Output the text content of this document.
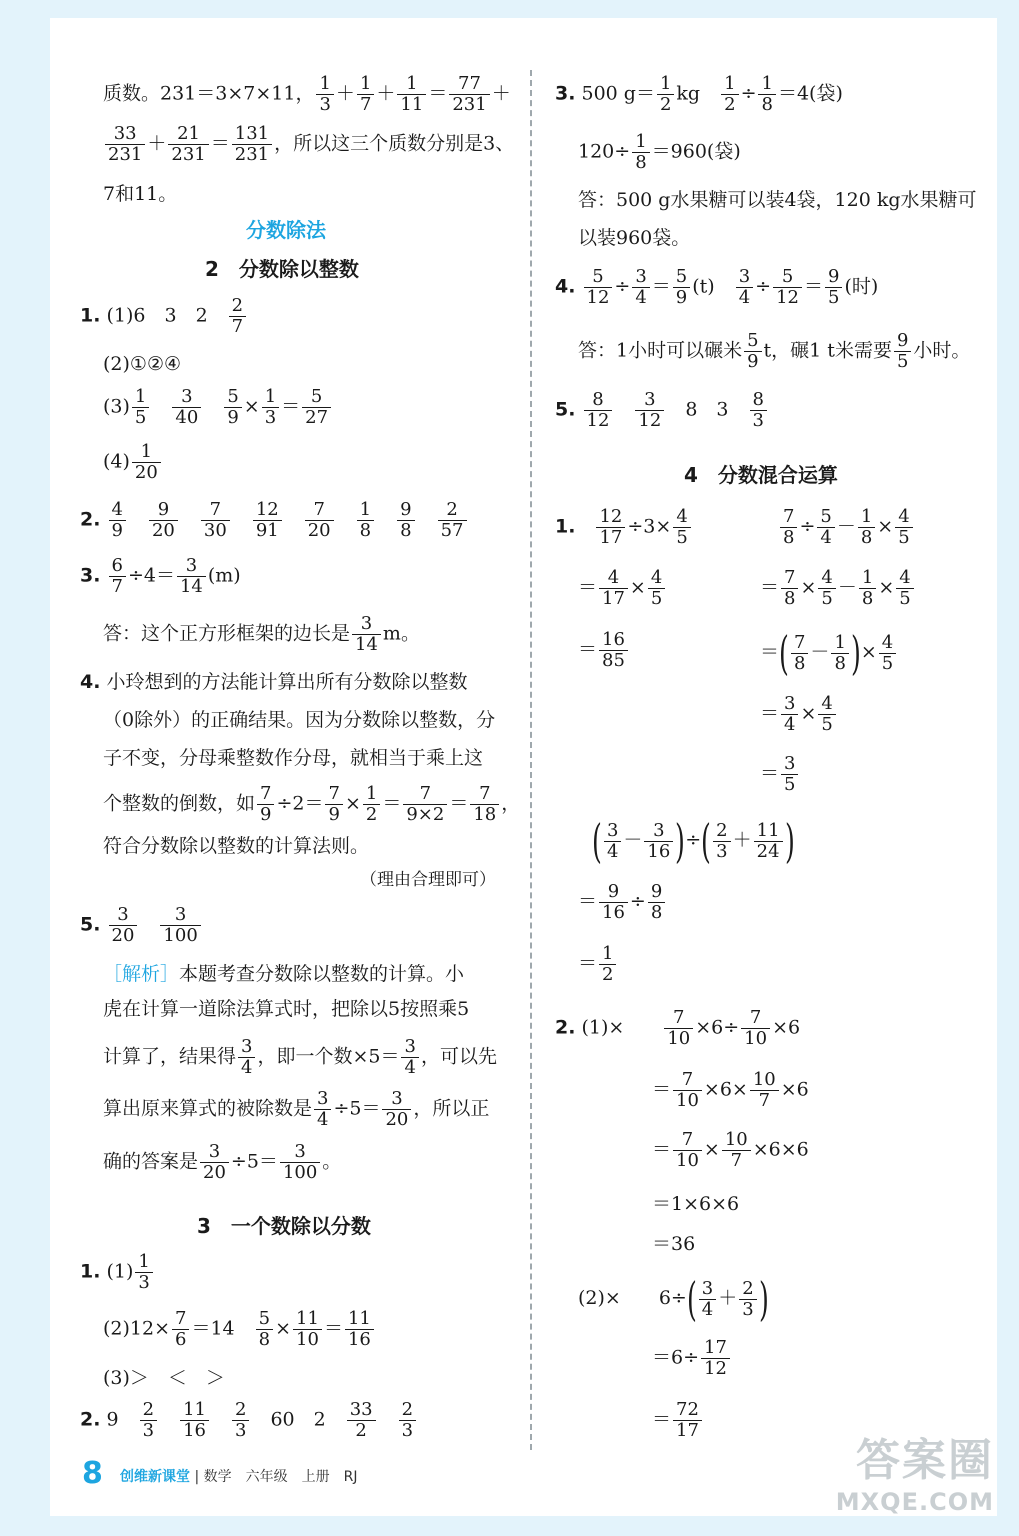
质数。231＝3×7×11， $\frac{1}{3} + \frac{1}{7} + \frac{1}{11} = \frac{77}{231}$ ＋
$\frac{33}{231} + \frac{21}{231} = \frac{131}{231}$ ，所以这三个质数分别是3、
7和11。
分数除法
2　分数除以整数
1. (1)6　3　2　 $\frac{2}{7}$
(2)①②④
$(3) \frac{1}{5}$
　 $\frac{3}{40}$
　 $\frac{5}{9} \times \frac{1}{3} = \frac{5}{27}$
$(4) \frac{1}{20}$
2. $\frac{4}{9}$
　 $\frac{9}{20}$
　 $\frac{7}{30}$
　 $\frac{12}{91}$
　 $\frac{7}{20}$
　 $\frac{1}{8}$
　 $\frac{9}{8}$
　 $\frac{2}{57}$
3. $\frac{6}{7} \div 4= \frac{3}{14} (m)$
答：这个正方形框架的边长是 $\frac{3}{14}$ m。
4. 小玲想到的方法能计算出所有分数除以整数
（0除外）的正确结果。因为分数除以整数，分
子不变，分母乘整数作分母，就相当于乘上这
个整数的倒数，如 $\frac{7}{9} \div 2= \frac{7}{9} \times \frac{1}{2} = \frac{7}{9\times 2} = \frac{7}{18}$ ，
符合分数除以整数的计算法则。
（理由合理即可）
5. $\frac{3}{20}$
　 $\frac{3}{100}$
［解析］本题考查分数除以整数的计算。小
虎在计算一道除法算式时，把除以5按照乘5
计算了，结果得 $\frac{3}{4}$ ，即一个数$\times 5= \frac{3}{4}$ ，可以先
算出原来算式的被除数是 $\frac{3}{4} \div 5= \frac{3}{20}$ ，所以正
确的答案是 $\frac{3}{20} \div 5= \frac{3}{100}$ 。
3　一个数除以分数
1. $(1) \frac{1}{3}$
$(2)12\times \frac{7}{6} =14$　 $\frac{5}{8} \times \frac{11}{10} = \frac{11}{16}$
(3)＞　＜　＞
2. 9　 $\frac{2}{3}$
　 $\frac{11}{16}$
　 $\frac{2}{3}$ 　60　2　 $\frac{33}{2}$
　 $\frac{2}{3}$
3. 500 $g= \frac{1}{2}$ kg　 $\frac{1}{2} \div \frac{1}{8} =4$(袋)
$120\div \frac{1}{8} =960$(袋)
答：500 g水果糖可以装4袋，120 kg水果糖可
以装960袋。
4. $\frac{5}{12} \div \frac{3}{4} = \frac{5}{9} (t)$　 $\frac{3}{4} \div \frac{5}{12} = \frac{9}{5}$ (时)
答：1小时可以碾米 $\frac{5}{9}$ t，碾1 t米需要 $\frac{9}{5}$ 小时。
5. $\frac{8}{12}$
　 $\frac{3}{12}$ 　8　3　 $\frac{8}{3}$
4　分数混合运算
1.　 $\frac{12}{17} \div 3\times \frac{4}{5}$
＝ $\frac{4}{17} \times \frac{4}{5}$
＝ $\frac{16}{85}$
$\frac{7}{8} \div \frac{5}{4} - \frac{1}{8} \times \frac{4}{5}$
＝ $\frac{7}{8} \times \frac{4}{5} - \frac{1}{8} \times \frac{4}{5}$
＝( $\frac{7}{8} - \frac{1}{8}$ )× $\frac{4}{5}$
＝ $\frac{3}{4} \times \frac{4}{5}$
＝ $\frac{3}{5}$
( $\frac{3}{4} - \frac{3}{16}$ )÷( $\frac{2}{3} + \frac{11}{24}$ )
＝ $\frac{9}{16} \div \frac{9}{8}$
＝ $\frac{1}{2}$
2. (1)×　　 $\frac{7}{10} \times 6\div \frac{7}{10} \times 6$
＝ $\frac{7}{10} \times 6\times \frac{10}{7} \times 6$
＝ $\frac{7}{10} \times \frac{10}{7} \times 6\times 6$
＝1×6×6
＝36
(2)×　　$6\div( \frac{3}{4} + \frac{2}{3}$ )
$=6\div \frac{17}{12}$
＝ $\frac{72}{17}$
8 创维新课堂 | 数学　 六年级　 上册　 RJ	答案圈
MXQE.COM
